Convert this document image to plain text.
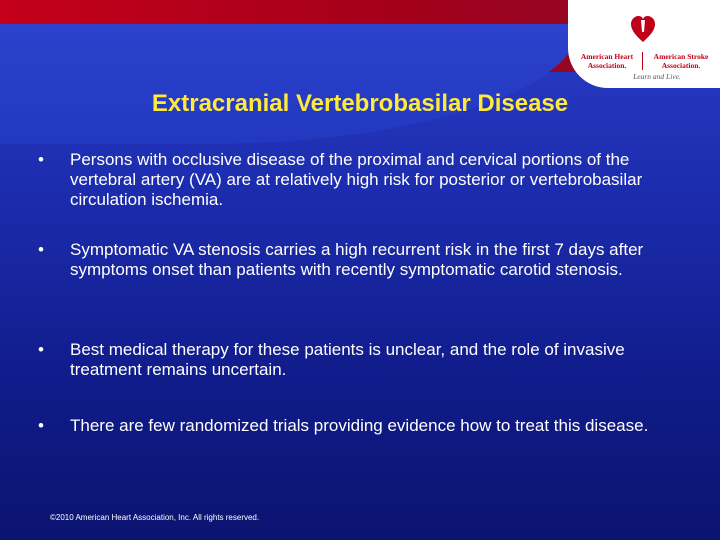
American Heart
Association.
American Stroke
Association.
Learn and Live.
Extracranial Vertebrobasilar Disease
• Persons with occlusive disease of the proximal and cervical portions of the vertebral artery (VA) are at relatively high risk for posterior or vertebrobasilar circulation ischemia.
• Symptomatic VA stenosis carries a high recurrent risk in the first 7 days after symptoms onset than patients with recently symptomatic carotid stenosis.
• Best medical therapy for these patients is unclear, and the role of invasive treatment remains uncertain.
• There are few randomized trials providing evidence how to treat this disease.
©2010 American Heart Association, Inc. All rights reserved.
